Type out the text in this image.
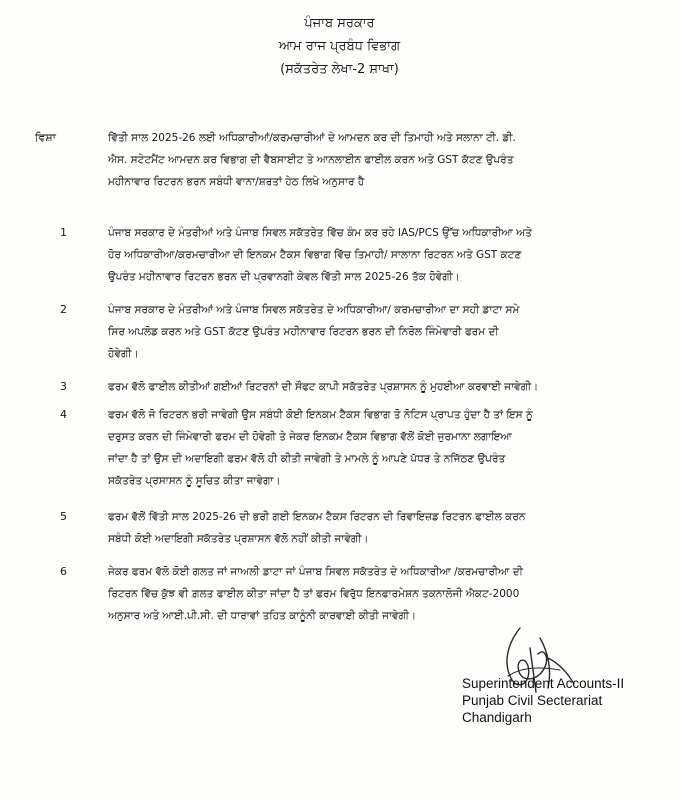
ਪੰਜਾਬ ਸਰਕਾਰ
ਆਮ ਰਾਜ ਪ੍ਰਬੰਧ ਵਿਭਾਗ
(ਸਕੱਤਰੇਤ ਲੇਖਾ-2 ਸ਼ਾਖਾ)
ਵਿਸ਼ਾ	ਵਿੱਤੀ ਸਾਲ 2025-26 ਲਈ ਅਧਿਕਾਰੀਆਂ/ਕਰਮਚਾਰੀਆਂ ਦੇ ਆਮਦਨ ਕਰ ਦੀ ਤਿਮਾਹੀ ਅਤੇ ਸਲਾਨਾ ਟੀ. ਡੀ.
ਐਸ. ਸਟੇਟਮੈਂਟ ਆਮਦਨ ਕਰ ਵਿਭਾਗ ਦੀ ਵੈਬਸਾਈਟ ਤੇ ਆਨਲਾਈਨ ਫਾਈਲ ਕਰਨ ਅਤੇ GST ਕੱਟਣ ਉਪਰੰਤ
ਮਹੀਨਾਵਾਰ ਰਿਟਰਨ ਭਰਨ ਸਬੰਧੀ ਵਾਨਾ/ਸ਼ਰਤਾਂ ਹੇਠ ਲਿਖੇ ਅਨੁਸਾਰ ਹੈ
1	ਪੰਜਾਬ ਸਰਕਾਰ ਦੇ ਮੰਤਰੀਆਂ ਅਤੇ ਪੰਜਾਬ ਸਿਵਲ ਸਕੱਤਰੇਤ ਵਿੱਚ ਕੰਮ ਕਰ ਰਹੇ IAS/PCS ਉੱਚ ਅਧਿਕਾਰੀਆ ਅਤੇ
ਹੋਰ ਅਧਿਕਾਰੀਆ/ਕਰਮਚਾਰੀਆ ਦੀ ਇਨਕਮ ਟੈਕਸ ਵਿਭਾਗ ਵਿੱਚ ਤਿਮਾਹੀ/ ਸਾਲਾਨਾ ਰਿਟਰਨ ਅਤੇ GST ਕਟਣ
ਉਪਰੰਤ ਮਹੀਨਾਵਾਰ ਰਿਟਰਨ ਭਰਨ ਦੀ ਪ੍ਰਵਾਨਗੀ ਕੇਵਲ ਵਿੱਤੀ ਸਾਲ 2025-26 ਤੱਕ ਹੋਵੇਗੀ।
2	ਪੰਜਾਬ ਸਰਕਾਰ ਦੇ ਮੰਤਰੀਆਂ ਅਤੇ ਪੰਜਾਬ ਸਿਵਲ ਸਕੱਤਰੇਤ ਦੇ ਅਧਿਕਾਰੀਆ/ ਕਰਮਚਾਰੀਆ ਦਾ ਸਹੀ ਡਾਟਾ ਸਮੇ
ਸਿਰ ਅਪਲੋਡ ਕਰਨ ਅਤੇ GST ਕੱਟਣ ਉਪਰੰਤ ਮਹੀਨਾਵਾਰ ਰਿਟਰਨ ਭਰਨ ਦੀ ਨਿਰੋਲ ਜਿੰਮੇਵਾਰੀ ਫਰਮ ਦੀ
ਹੋਵੇਗੀ।
3	ਫਰਮ ਵੱਲੋ ਫਾਈਲ ਕੀਤੀਆਂ ਗਈਆਂ ਰਿਟਰਨਾਂ ਦੀ ਸੌਫਟ ਕਾਪੀ ਸਕੱਤਰੇਤ ਪ੍ਰਸ਼ਾਸਨ ਨੂੰ ਮੁਹਈਆ ਕਰਵਾਈ ਜਾਵੇਗੀ।
4	ਫਰਮ ਵੱਲੋ ਜੋ ਰਿਟਰਨ ਭਰੀ ਜਾਵੇਗੀ ਉਸ ਸਬੰਧੀ ਕੋਈ ਇਨਕਮ ਟੈਕਸ ਵਿਭਾਗ ਤੋ ਨੋਟਿਸ ਪ੍ਰਾਪਤ ਹੁੰਦਾ ਹੈ ਤਾਂ ਇਸ ਨੂੰ
ਦਰੁਸਤ ਕਰਨ ਦੀ ਜਿੰਮੇਵਾਰੀ ਫਰਮ ਦੀ ਹੋਵੇਗੀ ਤੇ ਜੇਕਰ ਇਨਕਮ ਟੈਕਸ ਵਿਭਾਗ ਵੱਲੋਂ ਕੋਈ ਜੁਰਮਾਨਾ ਲਗਾਇਆ
ਜਾਂਦਾ ਹੈ ਤਾਂ ਉਸ ਦੀ ਅਦਾਇਗੀ ਫਰਮ ਵੱਲੋ ਹੀ ਕੀਤੀ ਜਾਵੇਗੀ ਤੇ ਮਾਮਲੇ ਨੂੰ ਆਪਣੇ ਪੱਧਰ ਤੇ ਨਜਿੱਠਣ ਉਪਰੰਤ
ਸਕੱਤਰੇਤ ਪ੍ਰਸਾਸਨ ਨੂੰ ਸੂਚਿਤ ਕੀਤਾ ਜਾਵੇਗਾ।
5	ਫਰਮ ਵੱਲੋਂ ਵਿੱਤੀ ਸਾਲ 2025-26 ਦੀ ਭਰੀ ਗਈ ਇਨਕਮ ਟੈਕਸ ਰਿਟਰਨ ਦੀ ਰਿਵਾਇਜ਼ਡ ਰਿਟਰਨ ਫਾਈਲ ਕਰਨ
ਸਬੰਧੀ ਕੋਈ ਅਦਾਇਗੀ ਸਕੱਤਰੇਤ ਪ੍ਰਸ਼ਾਸਨ ਵੱਲੋ ਨਹੀਂ ਕੀਤੀ ਜਾਵੇਗੀ।
6	ਜੇਕਰ ਫਰਮ ਵੱਲੋ ਕੋਈ ਗਲਤ ਜਾਂ ਜਾਅਲੀ ਡਾਟਾ ਜਾਂ ਪੰਜਾਬ ਸਿਵਲ ਸਕੱਤਰੇਤ ਦੇ ਅਧਿਕਾਰੀਆ /ਕਰਮਚਾਰੀਆ ਦੀ
ਰਿਟਰਨ ਵਿੱਚ ਕੁੱਝ ਵੀ ਗ਼ਲਤ ਫਾਈਲ ਕੀਤਾ ਜਾਂਦਾ ਹੈ ਤਾਂ ਫਰਮ ਵਿਰੁੱਧ ਇਨਫਾਰਮੇਸ਼ਨ ਤਕਨਾਲੋਜੀ ਐਕਟ-2000
ਅਨੁਸਾਰ ਅਤੇ ਆਈ.ਪੀ.ਸੀ. ਦੀ ਧਾਰਾਵਾਂ ਤਹਿਤ ਕਾਨੂੰਨੀ ਕਾਰਵਾਈ ਕੀਤੀ ਜਾਵੇਗੀ।
Superintendent Accounts-II
Punjab Civil Secterariat
Chandigarh
